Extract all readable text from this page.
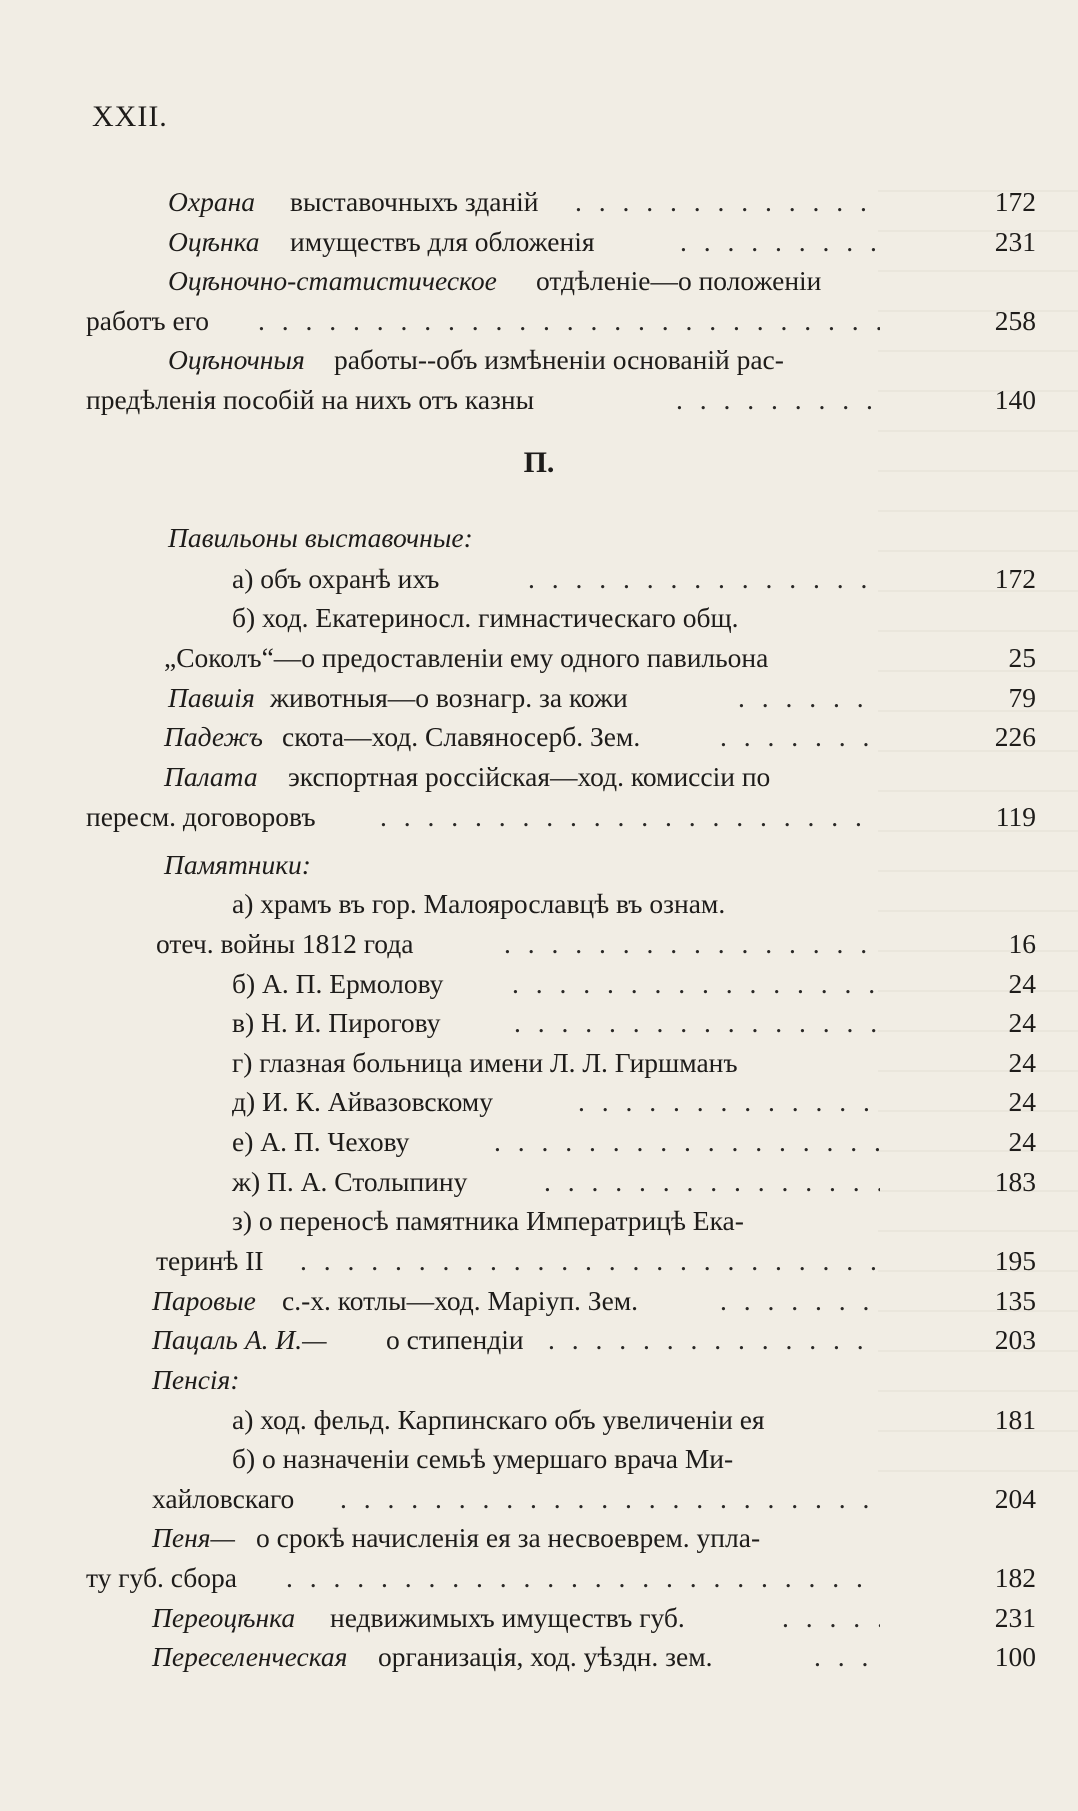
XXII.
П.
Охрана выставочныхъ зданій . . .	172
Оцѣнка имуществъ для обложенія . . .	231
Оцѣночно-статистическое отдѣленіе—о положеніи
работъ его . . .	258
Оцѣночныя работы--объ измѣненіи основаній рас-
предѣленія пособій на нихъ отъ казны . . .	140
Павильоны выставочные:
а) объ охранѣ ихъ . . .	172
б) ход. Екатериносл. гимнастическаго общ.
„Соколъ“—о предоставленіи ему одного павильона	25
Павшія животныя—о вознагр. за кожи . . .	79
Падежъ скота—ход. Славяносерб. Зем. . . .	226
Палата экспортная россійская—ход. комиссіи по
пересм. договоровъ . . .	119
Памятники:
а) храмъ въ гор. Малоярославцѣ въ ознам.
отеч. войны 1812 года . . .	16
б) А. П. Ермолову . . .	24
в) Н. И. Пирогову . . .	24
г) глазная больница имени Л. Л. Гиршманъ	24
д) И. К. Айвазовскому . . .	24
е) А. П. Чехову . . .	24
ж) П. А. Столыпину . . .	183
з) о переносѣ памятника Императрицѣ Ека-
теринѣ II . . .	195
Паровые с.-х. котлы—ход. Маріуп. Зем. . . .	135
Пацаль А. И.— о стипендіи . . .	203
Пенсія:
а) ход. фельд. Карпинскаго объ увеличеніи ея	181
б) о назначеніи семьѣ умершаго врача Ми-
хайловскаго . . .	204
Пеня— о срокѣ начисленія ея за несвоеврем. упла-
ту губ. сбора . . .	182
Переоцѣнка недвижимыхъ имуществъ губ. . . .	231
Переселенческая организація, ход. уѣздн. зем. . . .	100
